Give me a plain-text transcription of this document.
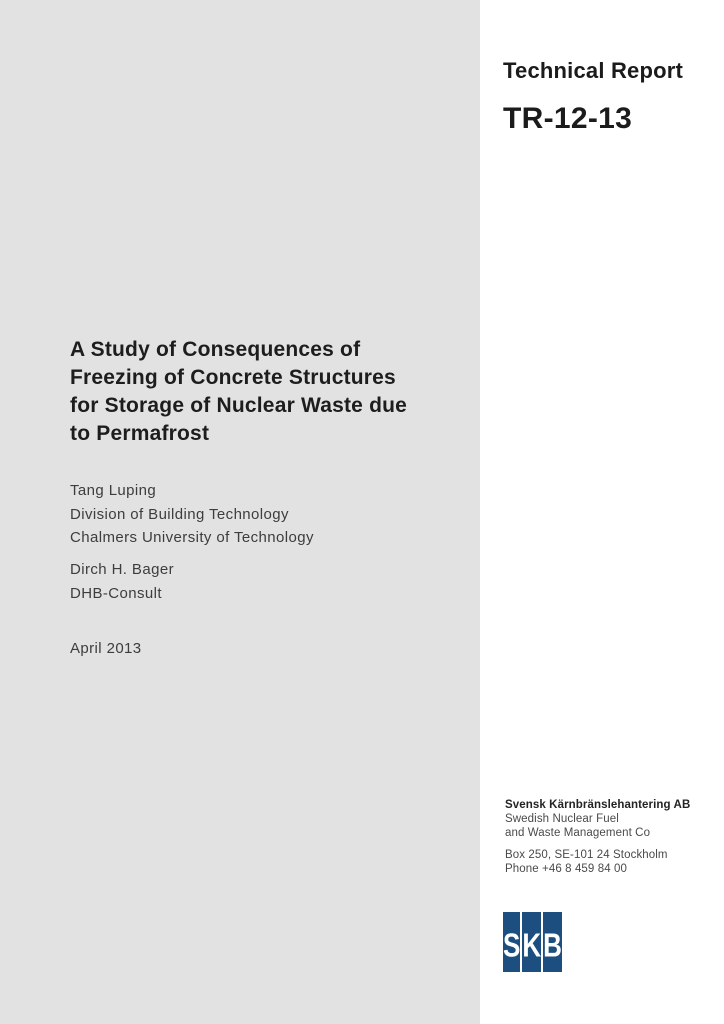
Technical Report
TR-12-13
A Study of Consequences of
Freezing of Concrete Structures
for Storage of Nuclear Waste due
to Permafrost
Tang Luping
Division of Building Technology
Chalmers University of Technology
Dirch H. Bager
DHB-Consult
April 2013
Svensk Kärnbränslehantering AB
Swedish Nuclear Fuel
and Waste Management Co
Box 250, SE-101 24 Stockholm
Phone +46 8 459 84 00
S K B
